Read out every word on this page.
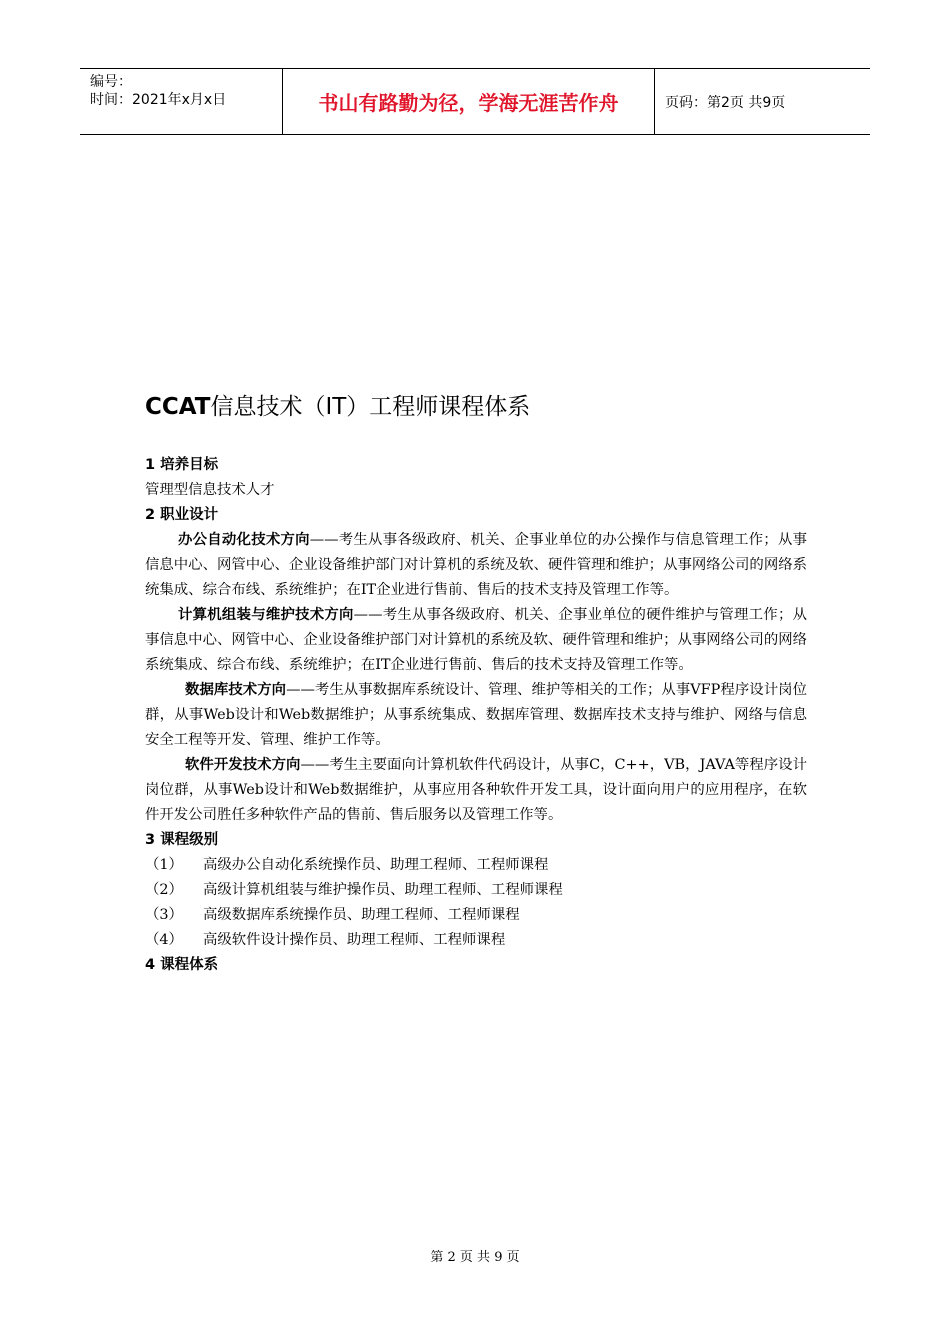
编号：
时间：2021年x月x日	书山有路勤为径，学海无涯苦作舟	页码：第2页 共9页
CCAT信息技术（IT）工程师课程体系

1 培养目标

管理型信息技术人才

2 职业设计

办公自动化技术方向——考生从事各级政府、机关、企事业单位的办公操作与信息管理工作；从事信息中心、网管中心、企业设备维护部门对计算机的系统及软、硬件管理和维护；从事网络公司的网络系统集成、综合布线、系统维护；在IT企业进行售前、售后的技术支持及管理工作等。

计算机组装与维护技术方向——考生从事各级政府、机关、企事业单位的硬件维护与管理工作；从事信息中心、网管中心、企业设备维护部门对计算机的系统及软、硬件管理和维护；从事网络公司的网络系统集成、综合布线、系统维护；在IT企业进行售前、售后的技术支持及管理工作等。

数据库技术方向——考生从事数据库系统设计、管理、维护等相关的工作；从事VFP程序设计岗位群，从事Web设计和Web数据维护；从事系统集成、数据库管理、数据库技术支持与维护、网络与信息安全工程等开发、管理、维护工作等。

软件开发技术方向——考生主要面向计算机软件代码设计，从事C，C++，VB，JAVA等程序设计岗位群，从事Web设计和Web数据维护，从事应用各种软件开发工具，设计面向用户的应用程序，在软件开发公司胜任多种软件产品的售前、售后服务以及管理工作等。

3 课程级别

（1）	高级办公自动化系统操作员、助理工程师、工程师课程
（2）	高级计算机组装与维护操作员、助理工程师、工程师课程
（3）	高级数据库系统操作员、助理工程师、工程师课程
（4）	高级软件设计操作员、助理工程师、工程师课程

4 课程体系

第 2 页 共 9 页
